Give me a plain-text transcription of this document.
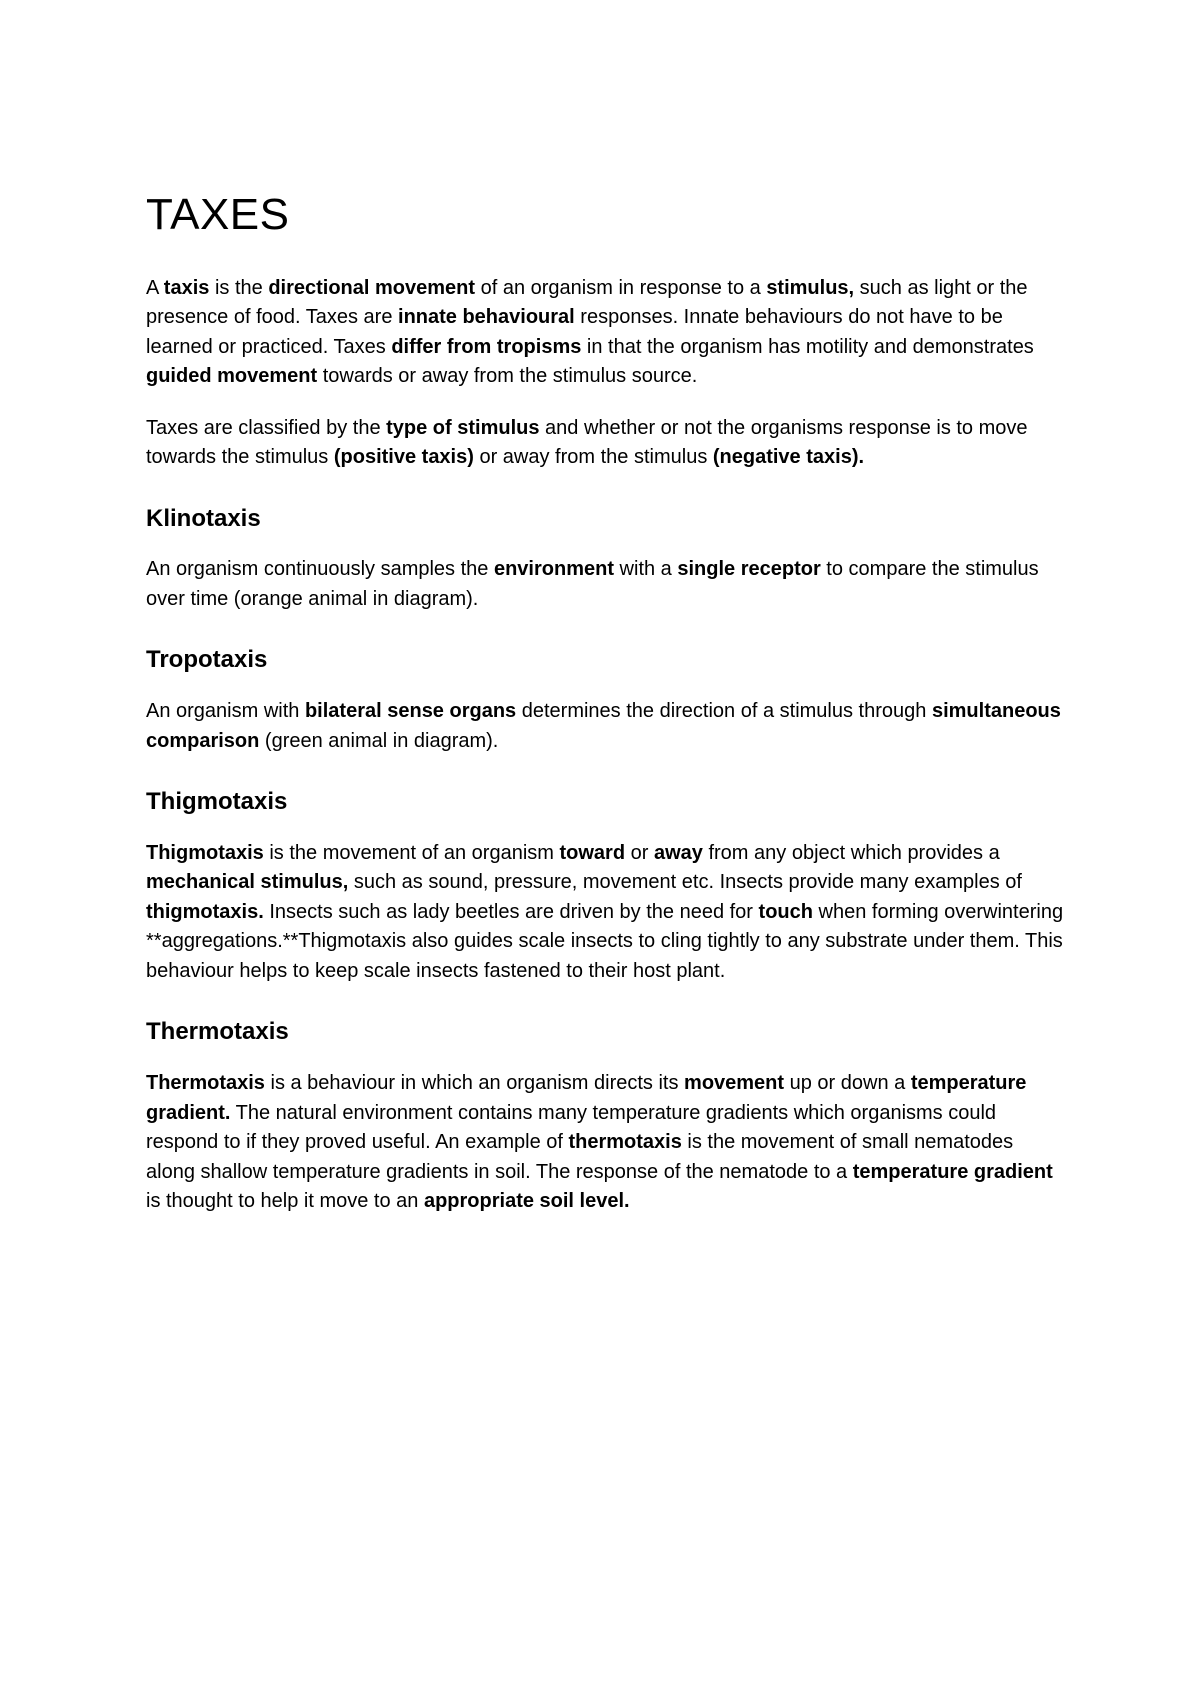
TAXES

A taxis is the directional movement of an organism in response to a stimulus, such as light or the presence of food. Taxes are innate behavioural responses. Innate behaviours do not have to be learned or practiced. Taxes differ from tropisms in that the organism has motility and demonstrates guided movement towards or away from the stimulus source.

Taxes are classified by the type of stimulus and whether or not the organisms response is to move towards the stimulus (positive taxis) or away from the stimulus (negative taxis).

Klinotaxis

An organism continuously samples the environment with a single receptor to compare the stimulus over time (orange animal in diagram).

Tropotaxis

An organism with bilateral sense organs determines the direction of a stimulus through simultaneous comparison (green animal in diagram).

Thigmotaxis

Thigmotaxis is the movement of an organism toward or away from any object which provides a mechanical stimulus, such as sound, pressure, movement etc. Insects provide many examples of thigmotaxis. Insects such as lady beetles are driven by the need for touch when forming overwintering **aggregations.**Thigmotaxis also guides scale insects to cling tightly to any substrate under them. This behaviour helps to keep scale insects fastened to their host plant.

Thermotaxis

Thermotaxis is a behaviour in which an organism directs its movement up or down a temperature gradient. The natural environment contains many temperature gradients which organisms could respond to if they proved useful. An example of thermotaxis is the movement of small nematodes along shallow temperature gradients in soil. The response of the nematode to a temperature gradient is thought to help it move to an appropriate soil level.
